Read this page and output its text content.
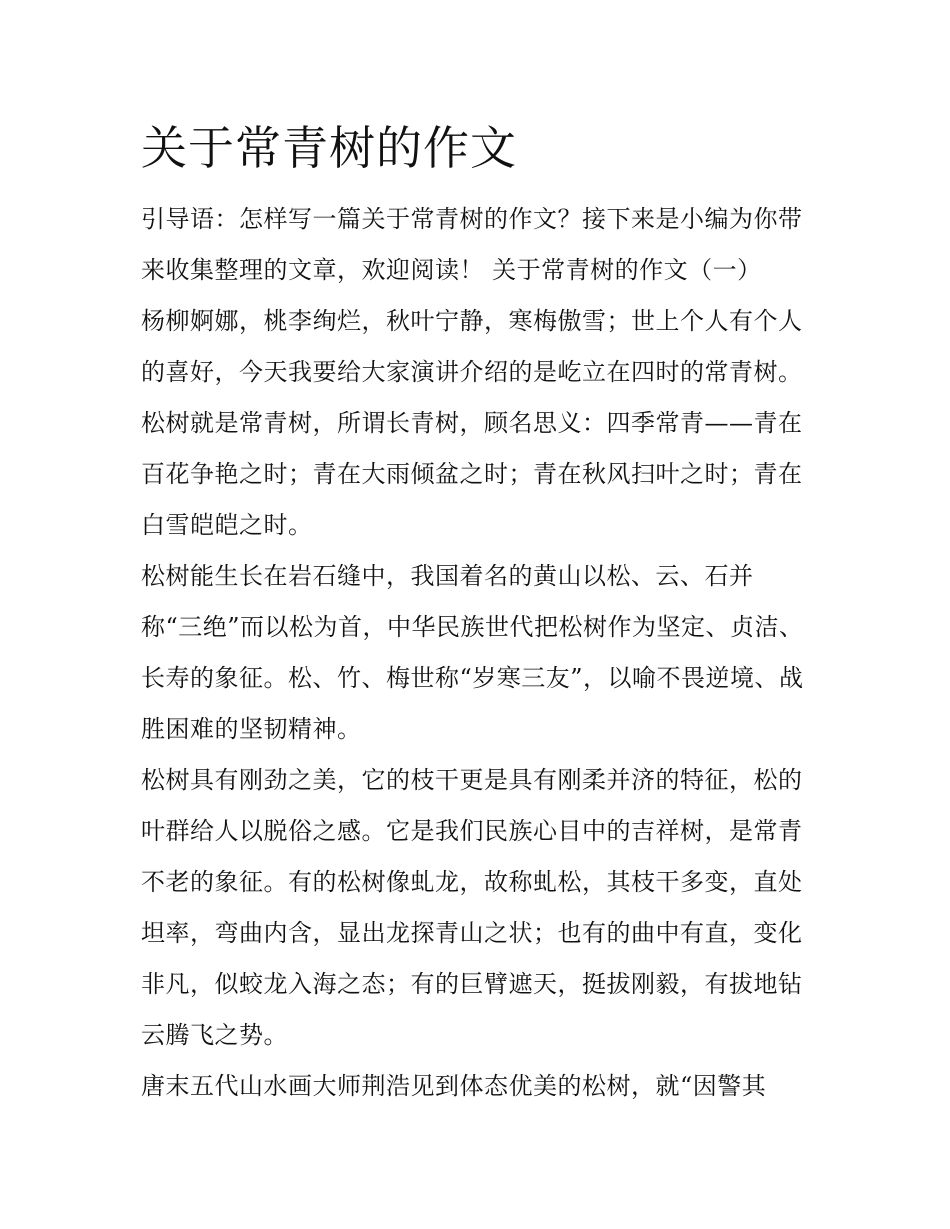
关于常青树的作文
引导语：怎样写一篇关于常青树的作文？接下来是小编为你带
来收集整理的文章，欢迎阅读！ 关于常青树的作文（一）
杨柳婀娜，桃李绚烂，秋叶宁静，寒梅傲雪；世上个人有个人
的喜好，今天我要给大家演讲介绍的是屹立在四时的常青树。
松树就是常青树，所谓长青树，顾名思义：四季常青——青在
百花争艳之时；青在大雨倾盆之时；青在秋风扫叶之时；青在
白雪皑皑之时。
松树能生长在岩石缝中，我国着名的黄山以松、云、石并
称“三绝”而以松为首，中华民族世代把松树作为坚定、贞洁、
长寿的象征。松、竹、梅世称“岁寒三友”，以喻不畏逆境、战
胜困难的坚韧精神。
松树具有刚劲之美，它的枝干更是具有刚柔并济的特征，松的
叶群给人以脱俗之感。它是我们民族心目中的吉祥树，是常青
不老的象征。有的松树像虬龙，故称虬松，其枝干多变，直处
坦率，弯曲内含，显出龙探青山之状；也有的曲中有直，变化
非凡，似蛟龙入海之态；有的巨臂遮天，挺拔刚毅，有拔地钻
云腾飞之势。
唐末五代山水画大师荆浩见到体态优美的松树，就“因警其
